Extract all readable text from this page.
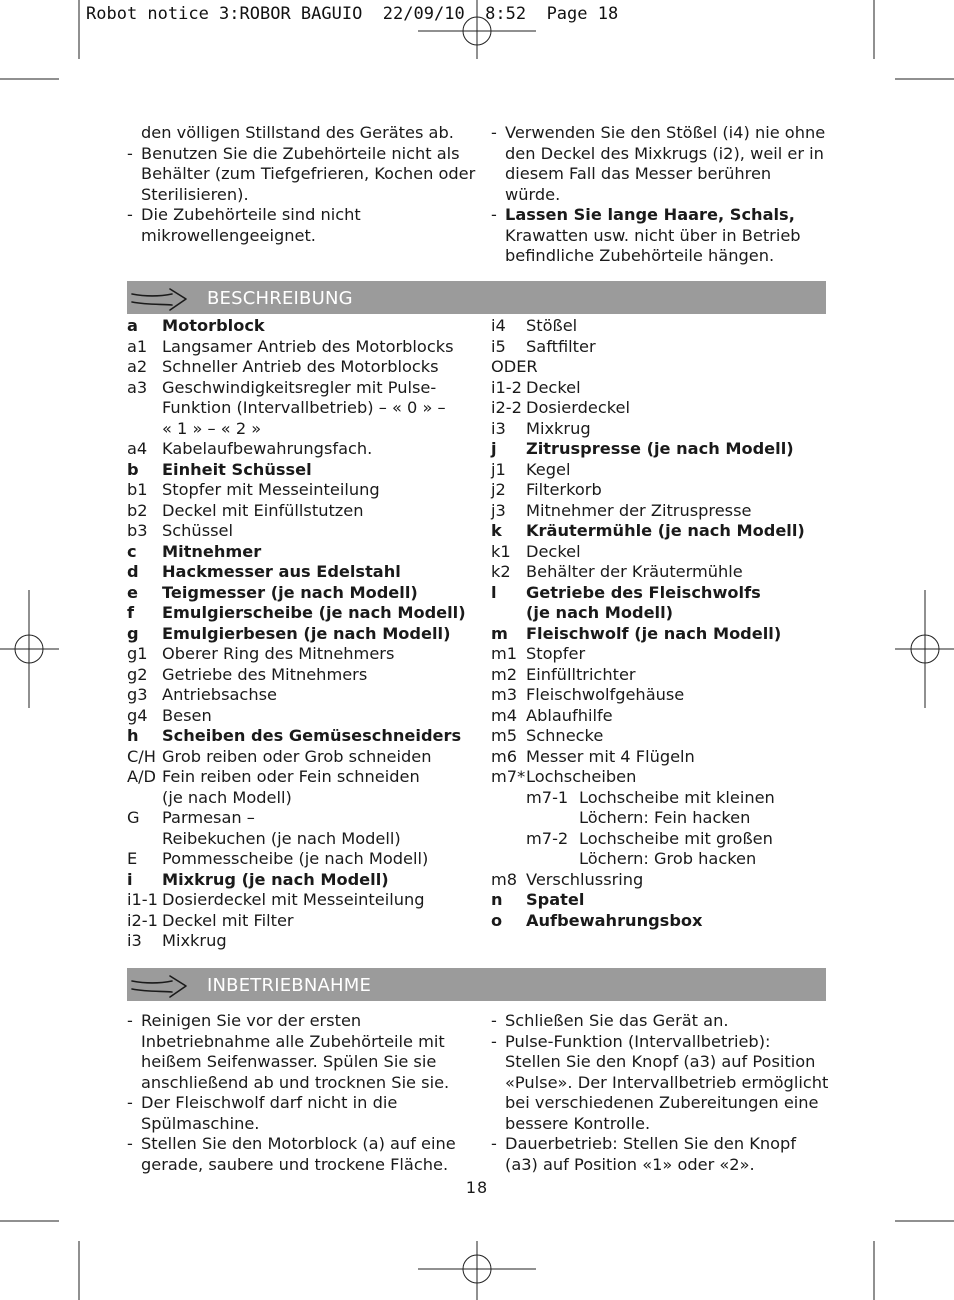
Robot notice 3:ROBOR BAGUIO  22/09/10  8:52  Page 18

den völligen Stillstand des Gerätes ab.

- Benutzen Sie die Zubehörteile nicht als Behälter (zum Tiefgefrieren, Kochen oder Sterilisieren).

- Die Zubehörteile sind nicht mikrowellengeeignet.

- Verwenden Sie den Stößel (i4) nie ohne den Deckel des Mixkrugs (i2), weil er in diesem Fall das Messer berühren würde.

- Lassen Sie lange Haare, Schals, Krawatten usw. nicht über in Betrieb befindliche Zubehörteile hängen.

BESCHREIBUNG
a	Motorblock
a1 Langsamer Antrieb des Motorblocks
a2 Schneller Antrieb des Motorblocks
a3 Geschwindigkeitsregler mit Pulse-
Funktion (Intervallbetrieb) – « 0 » –
« 1 » – « 2 »
a4 Kabelaufbewahrungsfach.
b	Einheit Schüssel
b1 Stopfer mit Messeinteilung
b2 Deckel mit Einfüllstutzen
b3 Schüssel
c	Mitnehmer
d	Hackmesser aus Edelstahl
e	Teigmesser (je nach Modell)
f	Emulgierscheibe (je nach Modell)
g	Emulgierbesen (je nach Modell)
g1 Oberer Ring des Mitnehmers
g2 Getriebe des Mitnehmers
g3 Antriebsachse
g4 Besen
h	Scheiben des Gemüseschneiders
C/H Grob reiben oder Grob schneiden
A/D Fein reiben oder Fein schneiden
(je nach Modell)
G	Parmesan –
Reibekuchen (je nach Modell)
E	Pommesscheibe (je nach Modell)
i	Mixkrug (je nach Modell)
i1-1 Dosierdeckel mit Messeinteilung
i2-1 Deckel mit Filter
i3	Mixkrug
i4	Stößel
i5	Saftfilter
ODER
i1-2 Deckel
i2-2 Dosierdeckel
i3	Mixkrug
j	Zitruspresse (je nach Modell)
j1	Kegel
j2	Filterkorb
j3	Mitnehmer der Zitruspresse
k	Kräutermühle (je nach Modell)
k1 Deckel
k2 Behälter der Kräutermühle
l	Getriebe des Fleischwolfs
(je nach Modell)
m	Fleischwolf (je nach Modell)
m1 Stopfer
m2 Einfülltrichter
m3 Fleischwolfgehäuse
m4 Ablaufhilfe
m5 Schnecke
m6 Messer mit 4 Flügeln
m7* Lochscheiben
m7-1 Lochscheibe mit kleinen
Löchern: Fein hacken
m7-2 Lochscheibe mit großen
Löchern: Grob hacken
m8 Verschlussring
n	Spatel
o	Aufbewahrungsbox
INBETRIEBNAHME

- Reinigen Sie vor der ersten Inbetriebnahme alle Zubehörteile mit heißem Seifenwasser. Spülen Sie sie anschließend ab und trocknen Sie sie.

- Der Fleischwolf darf nicht in die Spülmaschine.

- Stellen Sie den Motorblock (a) auf eine gerade, saubere und trockene Fläche.

- Schließen Sie das Gerät an.

- Pulse-Funktion (Intervallbetrieb): Stellen Sie den Knopf (a3) auf Position «Pulse». Der Intervallbetrieb ermöglicht bei verschiedenen Zubereitungen eine bessere Kontrolle.

- Dauerbetrieb: Stellen Sie den Knopf (a3) auf Position «1» oder «2».

18
